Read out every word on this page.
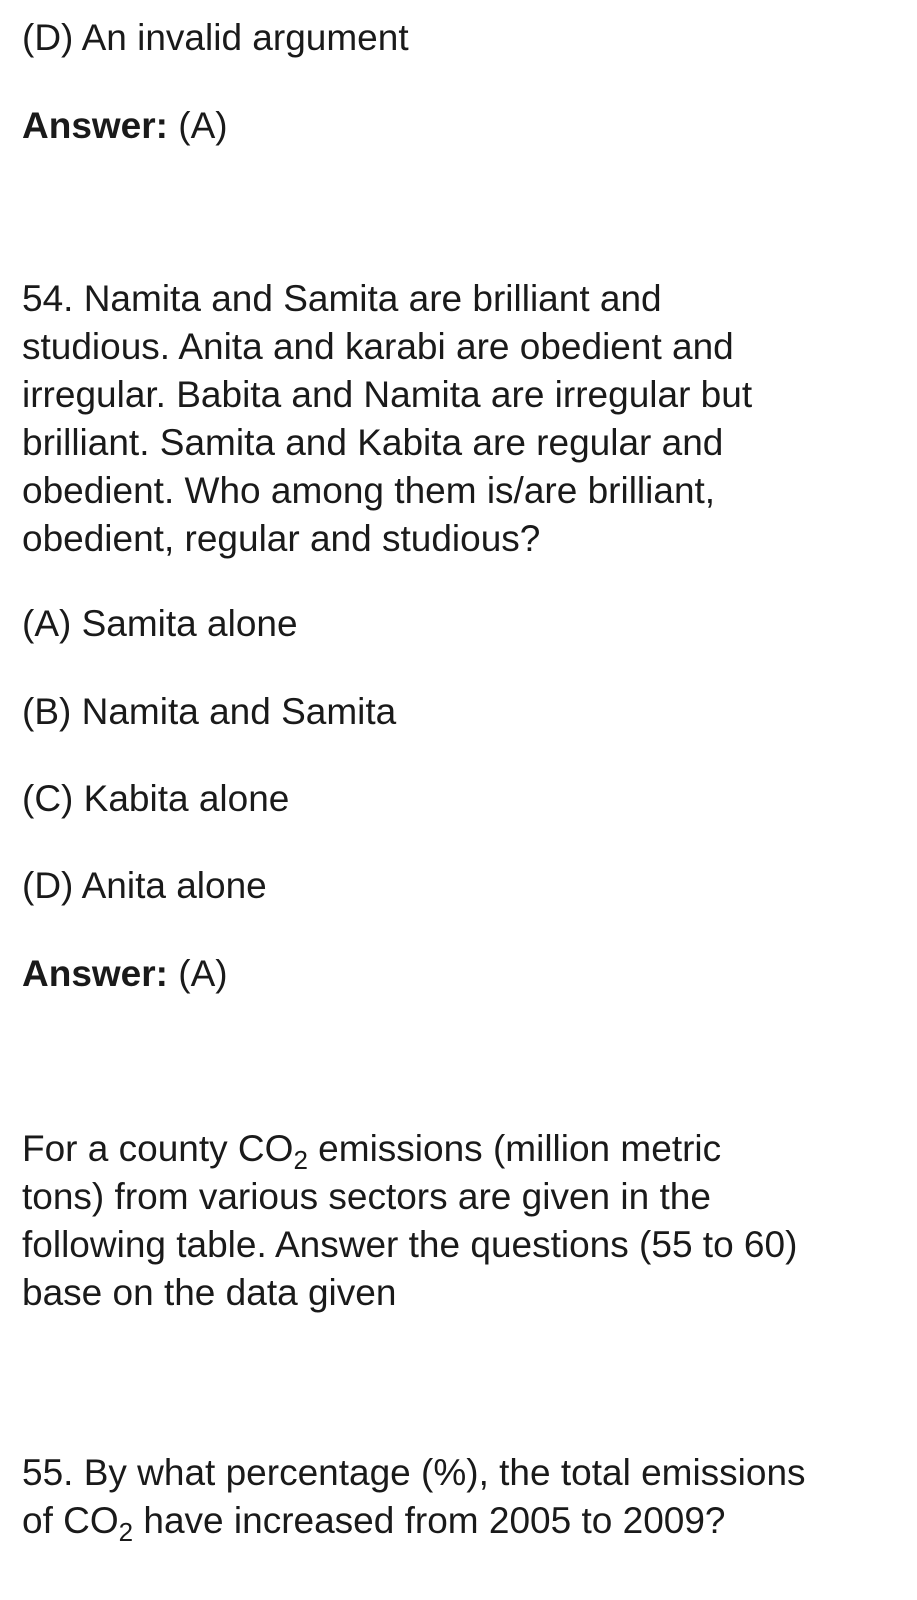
(D) An invalid argument
Answer: (A)
54. Namita and Samita are brilliant and
studious. Anita and karabi are obedient and
irregular. Babita and Namita are irregular but
brilliant. Samita and Kabita are regular and
obedient. Who among them is/are brilliant,
obedient, regular and studious?
(A) Samita alone
(B) Namita and Samita
(C) Kabita alone
(D) Anita alone
Answer: (A)
For a county $CO_2$ emissions (million metric
tons) from various sectors are given in the
following table. Answer the questions (55 to 60)
base on the data given
55. By what percentage (%), the total emissions
of $CO_2$ have increased from 2005 to 2009?
